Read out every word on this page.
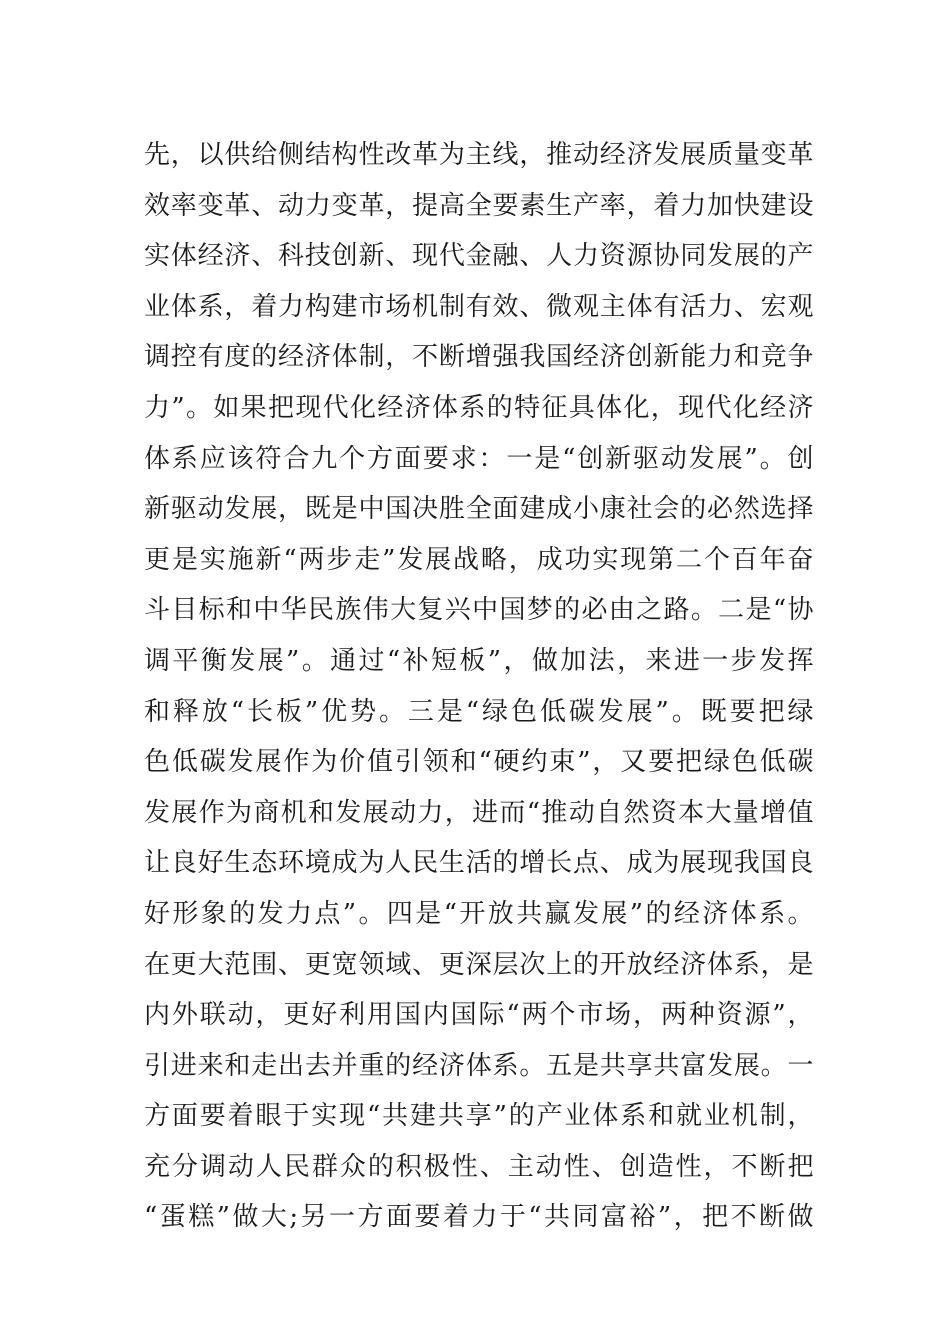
先，以供给侧结构性改革为主线，推动经济发展质量变革
效率变革、动力变革，提高全要素生产率，着力加快建设
实体经济、科技创新、现代金融、人力资源协同发展的产
业体系，着力构建市场机制有效、微观主体有活力、宏观
调控有度的经济体制，不断增强我国经济创新能力和竞争
力”。如果把现代化经济体系的特征具体化，现代化经济
体系应该符合九个方面要求：一是“创新驱动发展”。创
新驱动发展，既是中国决胜全面建成小康社会的必然选择
更是实施新“两步走”发展战略，成功实现第二个百年奋
斗目标和中华民族伟大复兴中国梦的必由之路。二是“协
调平衡发展”。通过“补短板”，做加法，来进一步发挥
和释放“长板”优势。三是“绿色低碳发展”。既要把绿
色低碳发展作为价值引领和“硬约束”，又要把绿色低碳
发展作为商机和发展动力，进而“推动自然资本大量增值
让良好生态环境成为人民生活的增长点、成为展现我国良
好形象的发力点”。四是“开放共赢发展”的经济体系。
在更大范围、更宽领域、更深层次上的开放经济体系，是
内外联动，更好利用国内国际“两个市场，两种资源”，
引进来和走出去并重的经济体系。五是共享共富发展。一
方面要着眼于实现“共建共享”的产业体系和就业机制，
充分调动人民群众的积极性、主动性、创造性，不断把
“蛋糕”做大;另一方面要着力于“共同富裕”，把不断做
